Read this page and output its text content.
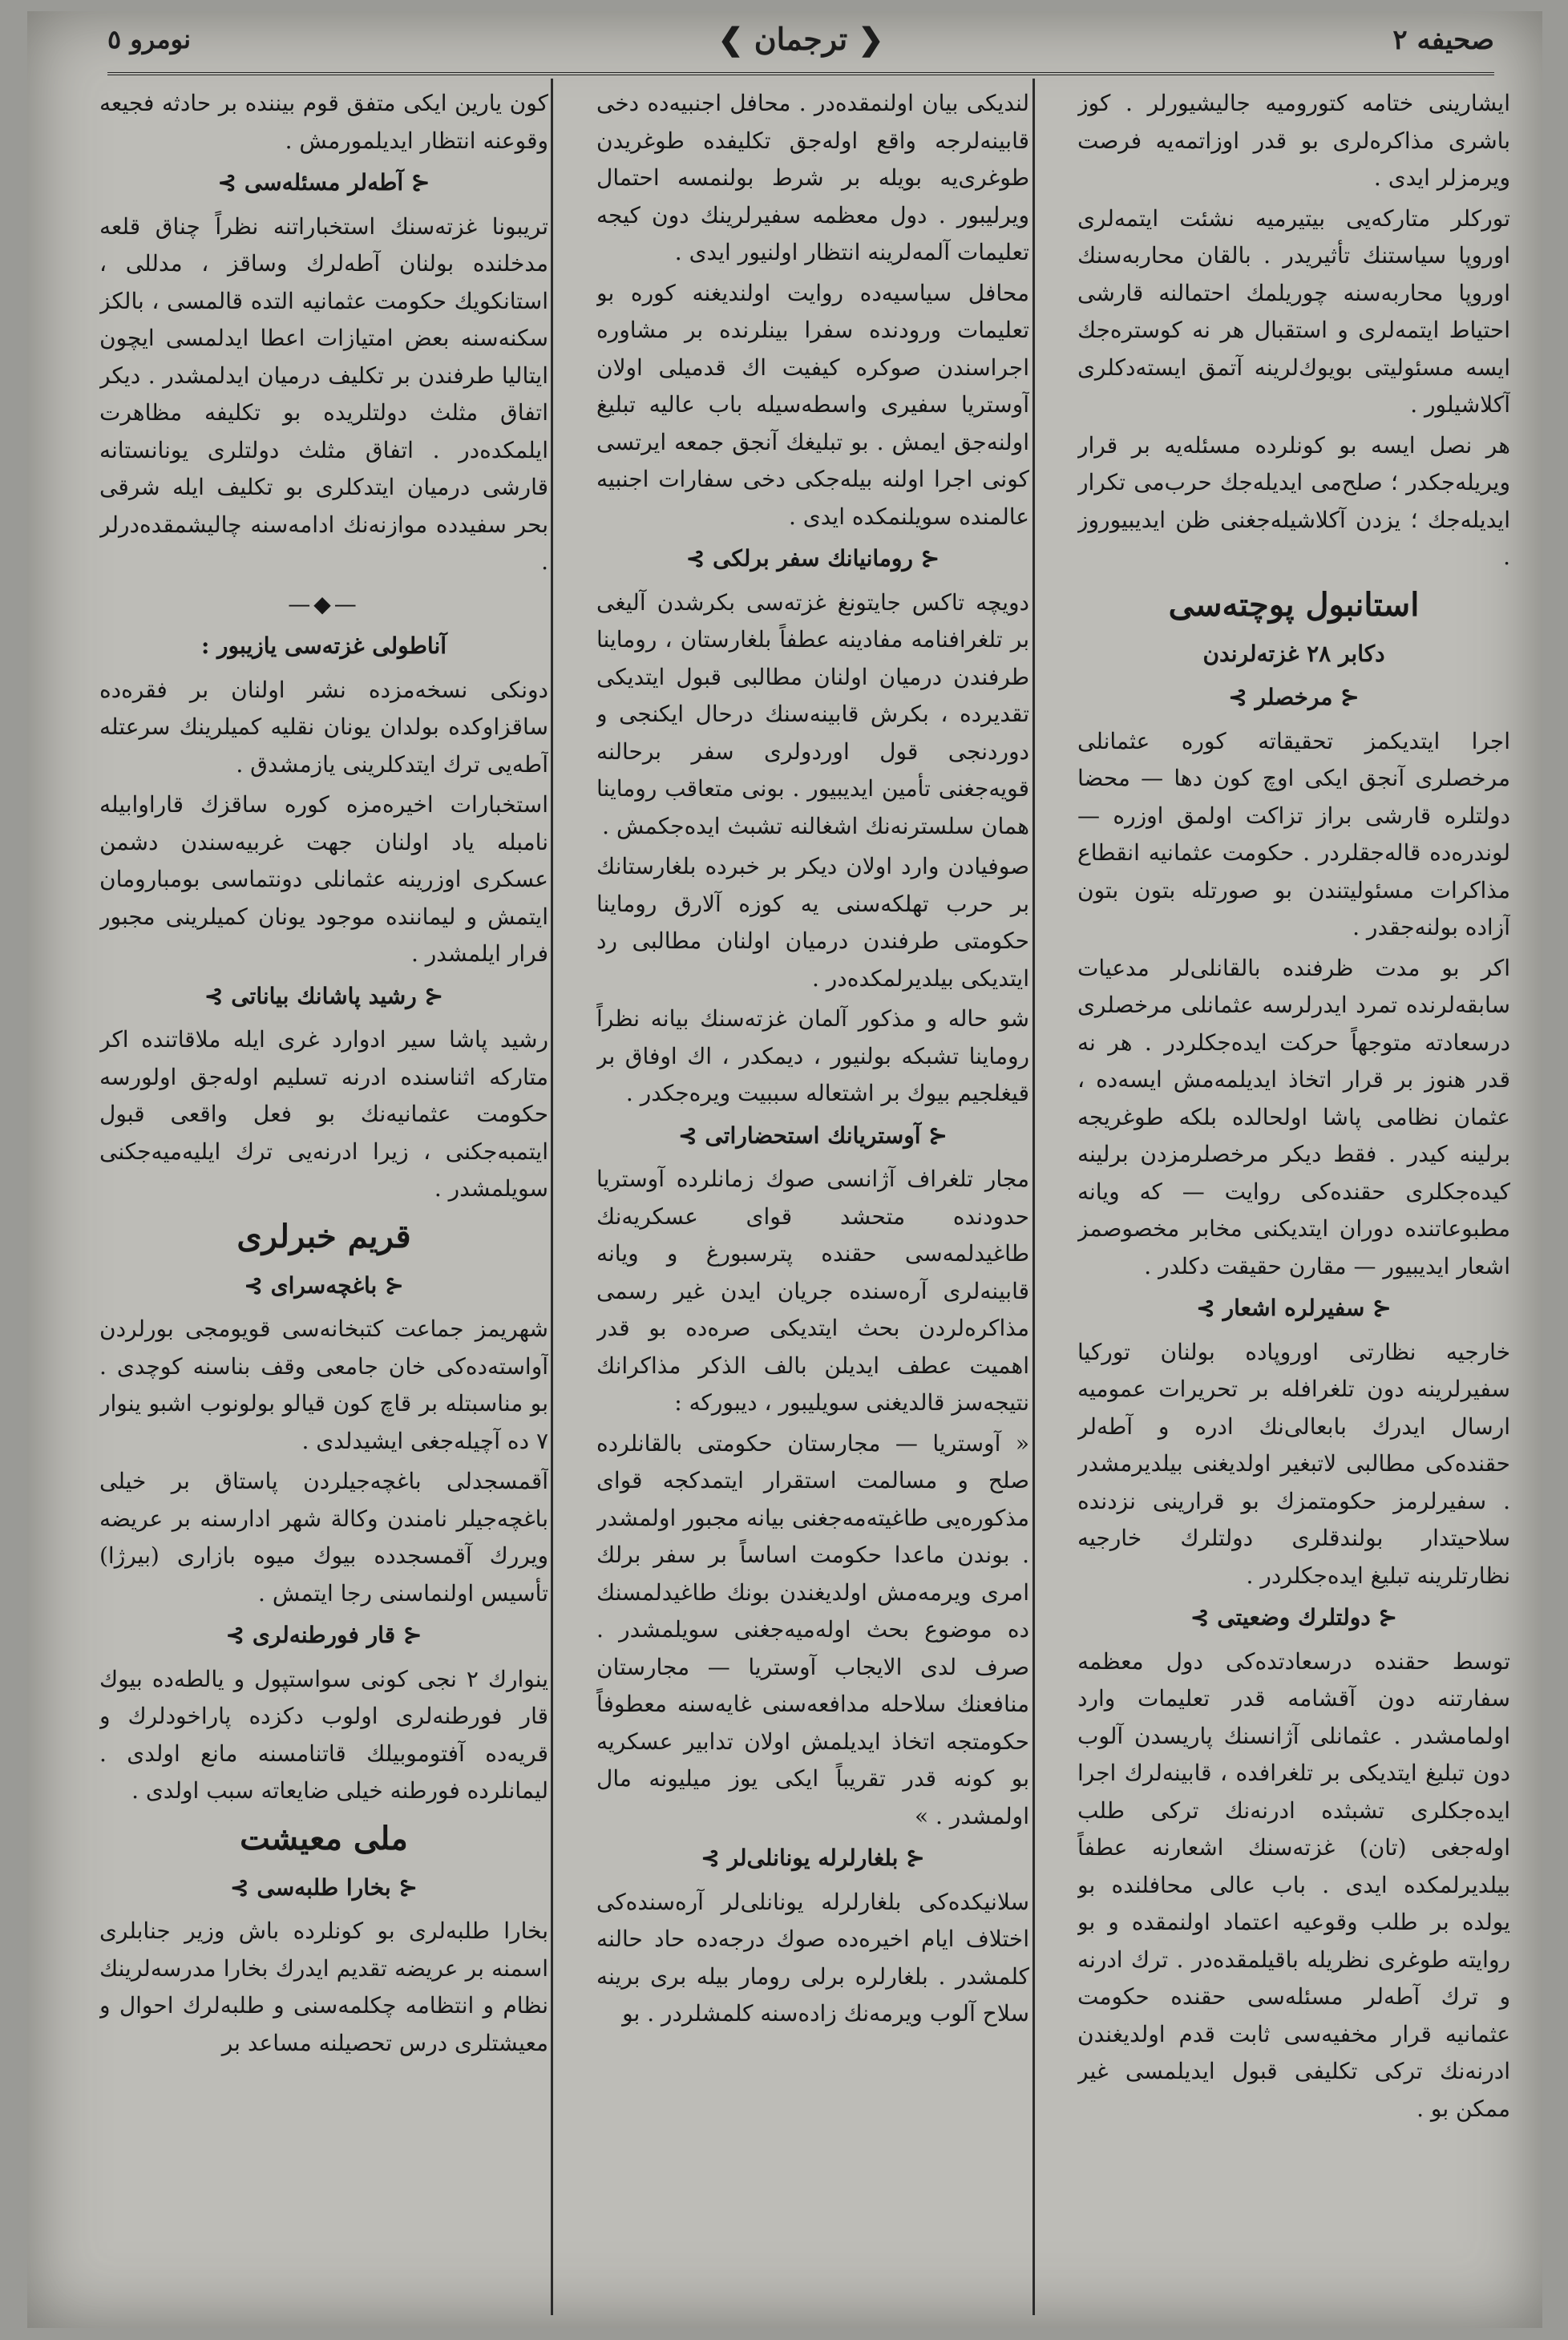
صحيفه ۲
❮ ترجمان ❯
نومرو ٥

ايشارينى ختامه كتوروميه جاليشيورلر . كوز باشرى مذاكره‌لرى بو قدر اوزاتمه‌يه فرصت ويرمزلر ايدى .

توركلر متاركه‌يى بيتيرميه نشئت ايتمه‌لرى اوروپا سياستنك تأثيريدر . بالقان محاربه‌سنك اوروپا محاربه‌سنه چوريلمك احتمالنه قارشى احتياط ايتمه‌لرى و استقبال هر نه كوستره‌جك ايسه مسئوليتى بويوك‌لرينه آتمق ايسته‌دكلرى آكلاشيلور .

هر نصل ايسه بو كونلرده مسئله‌يه بر قرار ويريله‌جكدر ؛ صلح‌مى ايديله‌جك حرب‌مى تكرار ايديله‌جك ؛ يزدن آكلاشيله‌جغنى ظن ايديبيوروز .

استانبول پوچته‌سى
دكابر ۲۸ غزته‌لرندن
⊰ مرخصلر ⊱

اجرا ايتديكمز تحقيقاته كوره عثمانلى مرخصلرى آنجق ايكى اوچ كون دها — محضا دولتلره قارشى براز تزاكت اولمق اوزره — لوندره‌ده قاله‌جقلردر . حكومت عثمانيه انقطاع مذاكرات مسئوليتندن بو صورتله بتون بتون آزاده بولنه‌جقدر .

اكر بو مدت ظرفنده بالقانلى‌لر مدعيات سابقه‌لرنده تمرد ايدرلرسه عثمانلى مرخصلرى درسعادته متوجهاً حركت ايده‌جكلردر . هر نه قدر هنوز بر قرار اتخاذ ايديلمه‌مش ايسه‌ده ، عثمان نظامى پاشا اولحالده بلكه طوغريجه برلينه كيدر . فقط ديكر مرخصلرمزدن برلينه كيده‌جكلرى حقنده‌كى روايت — كه ويانه مطبوعاتنده دوران ايتديكنى مخابر مخصوصمز اشعار ايديبيور — مقارن حقيقت دكلدر .

⊰ سفيرلره اشعار ⊱

خارجيه نظارتى اوروپاده بولنان توركيا سفيرلرينه دون تلغرافله بر تحريرات عموميه ارسال ايدرك بابعالى‌نك ادره و آطه‌لر حقنده‌كى مطالبى لاتبغير اولديغنى بيلديرمشدر . سفيرلرمز حكومتمزك بو قرارينى نزدنده سلاحيتدار بولندقلرى دولتلرك خارجيه نظارتلرينه تبليغ ايده‌جكلردر .

⊰ دولتلرك وضعيتى ⊱

توسط حقنده درسعادتده‌كى دول معظمه سفارتنه دون آقشامه قدر تعليمات وارد اولمامشدر . عثمانلى آژانسنك پاريسدن آلوب دون تبليغ ايتديكى بر تلغرافده ، قابينه‌لرك اجرا ايده‌جكلرى تشبثده ادرنه‌نك تركى طلب اوله‌جغى (تان) غزته‌سنك اشعارنه عطفاً بيلديرلمكده ايدى . باب عالى محافلنده بو يولده بر طلب وقوعيه اعتماد اولنمقده و بو روايته طوغرى نظريله باقيلمقده‌در . ترك ادرنه و ترك آطه‌لر مسئله‌سى حقنده حكومت عثمانيه قرار مخفيه‌سى ثابت قدم اولديغندن ادرنه‌نك تركى تكليفى قبول ايديلمسى غير ممكن بو .

لنديكى بيان اولنمقده‌در . محافل اجنبيه‌ده دخى قابينه‌لرجه واقع اوله‌جق تكليفده طوغريدن طوغرى‌يه بويله بر شرط بولنمسه احتمال ويرليبور . دول معظمه سفيرلرينك دون كيجه تعليمات آلمه‌لرينه انتظار اولنيور ايدى .

محافل سياسيه‌ده روايت اولنديغنه كوره بو تعليمات ورودنده سفرا بينلرنده بر مشاوره اجراسندن صوكره كيفيت اك قدميلى اولان آوستريا سفيرى واسطه‌سيله باب عاليه تبليغ اولنه‌جق ايمش . بو تبليغك آنجق جمعه ايرتسى كونى اجرا اولنه بيله‌جكى دخى سفارات اجنبيه عالمنده سويلنمكده ايدى .

⊰ رومانيانك سفر برلكى ⊱

دويچه تاكس جايتونغ غزته‌سى بكرشدن آليغى بر تلغرافنامه مفادينه عطفاً بلغارستان ، روماينا طرفندن درميان اولنان مطالبى قبول ايتديكى تقديرده ، بكرش قابينه‌سنك درحال ايكنجى و دوردنجى قول اوردولرى سفر برحالنه قويه‌جغنى تأمين ايديبيور . بونى متعاقب روماينا همان سلسترنه‌نك اشغالنه تشبث ايده‌جكمش .

صوفيادن وارد اولان ديكر بر خبرده بلغارستانك بر حرب تهلكه‌سنى يه كوزه آلارق روماينا حكومتى طرفندن درميان اولنان مطالبى رد ايتديكى بيلديرلمكده‌در .

شو حاله و مذكور آلمان غزته‌سنك بيانه نظراً روماينا تشبكه بولنيور ، ديمكدر ، اك اوفاق بر قيغلجيم بيوك بر اشتعاله سببيت ويره‌جكدر .

⊰ آوستريانك استحضاراتى ⊱

مجار تلغراف آژانسى صوك زمانلرده آوستريا حدودنده متحشد قواى عسكريه‌نك طاغيدلمه‌سى حقنده پترسبورغ و ويانه قابينه‌لرى آره‌سنده جريان ايدن غير رسمى مذاكره‌لردن بحث ايتديكى صره‌ده بو قدر اهميت عطف ايديلن بالف الذكر مذاكرانك نتيجه‌سز قالديغنى سويليبور ، ديبوركه :

« آوستريا — مجارستان حكومتى بالقانلرده صلح و مسالمت استقرار ايتمدكجه قواى مذكوره‌يى طاغيته‌مه‌جغنى بيانه مجبور اولمشدر . بوندن ماعدا حكومت اساساً بر سفر برلك امرى ويرمه‌مش اولديغندن بونك طاغيدلمسنك ده موضوع بحث اوله‌ميه‌جغنى سويلمشدر . صرف لدى الايجاب آوستريا — مجارستان منافعنك سلاحله مدافعه‌سنى غايه‌سنه معطوفاً حكومتجه اتخاذ ايديلمش اولان تدابير عسكريه بو كونه قدر تقريباً ايكى يوز ميليونه مال اولمشدر . »

⊰ بلغارلرله يونانلى‌لر ⊱

سلانيكده‌كى بلغارلرله يونانلى‌لر آره‌سنده‌كى اختلاف ايام اخيره‌ده صوك درجه‌ده حاد حالنه كلمشدر . بلغارلره برلى رومار بيله برى برينه سلاح آلوب ويرمه‌نك زاده‌سنه كلمشلردر . بو

كون يارين ايكى متفق قوم بيننده بر حادثه فجيعه وقوعنه انتظار ايديلمورمش .

⊰ آطه‌لر مسئله‌سى ⊱

تريبونا غزته‌سنك استخباراتنه نظراً چناق قلعه مدخلنده بولنان آطه‌لرك وساقز ، مدللى ، استانكويك حكومت عثمانيه التده قالمسى ، بالكز سكنه‌سنه بعض امتيازات اعطا ايدلمسى ايچون ايتاليا طرفندن بر تكليف درميان ايدلمشدر . ديكر اتفاق مثلث دولتلريده بو تكليفه مظاهرت ايلمكده‌در . اتفاق مثلث دولتلرى يونانستانه قارشى درميان ايتدكلرى بو تكليف ايله شرقى بحر سفيدده موازنه‌نك ادامه‌سنه چاليشمقده‌درلر .

—◆—
آناطولى غزته‌سى يازيبور :

دونكى نسخه‌مزده نشر اولنان بر فقره‌ده ساقزاوكده بولدان يونان نقليه كميلرينك سرعتله آطه‌يى ترك ايتدكلرينى يازمشدق .

استخبارات اخيره‌مزه كوره ساقزك قاراوابيله نامبله ياد اولنان جهت غربيه‌سندن دشمن عسكرى اوزرينه عثمانلى دونتماسى بومبارومان ايتمش و ليماننده موجود يونان كميلرينى مجبور فرار ايلمشدر .

⊰ رشيد پاشانك بياناتى ⊱

رشيد پاشا سير ادوارد غرى ايله ملاقاتنده اكر متاركه اثناسنده ادرنه تسليم اوله‌جق اولورسه حكومت عثمانيه‌نك بو فعل واقعى قبول ايتمبه‌جكنى ، زيرا ادرنه‌يى ترك ايليه‌ميه‌جكنى سويلمشدر .

قريم خبرلرى
⊰ باغچه‌سراى ⊱

شهريمز جماعت كتبخانه‌سى قويومجى بورلردن آواسته‌ده‌كى خان جامعى وقف بناسنه كوچدى . بو مناسبتله بر قاچ كون قيالو بولونوب اشبو ينوار ۷ ده آچيله‌جغى ايشيدلدى .

آقمسجدلى باغچه‌جيلردن پاستاق بر خيلى باغچه‌جيلر نامندن وكالة شهر ادارسنه بر عريضه ويررك آقمسجدده بيوك ميوه بازارى (بيرژا) تأسيس اولنماسنى رجا ايتمش .

⊰ قار فورطنه‌لرى ⊱

ينوارك ۲ نجى كونى سواستپول و يالطه‌ده بيوك قار فورطنه‌لرى اولوب دكزده پاراخودلرك و قريه‌ده آفتوموبيلك قاتنامسنه مانع اولدى . ليمانلرده فورطنه خيلى ضايعاته سبب اولدى .

ملى معيشت
⊰ بخارا طلبه‌سى ⊱

بخارا طلبه‌لرى بو كونلرده باش وزير جنابلرى اسمنه بر عريضه تقديم ايدرك بخارا مدرسه‌لرينك نظام و انتظامه چكلمه‌سنى و طلبه‌لرك احوال و معيشتلرى درس تحصيلنه مساعد بر
